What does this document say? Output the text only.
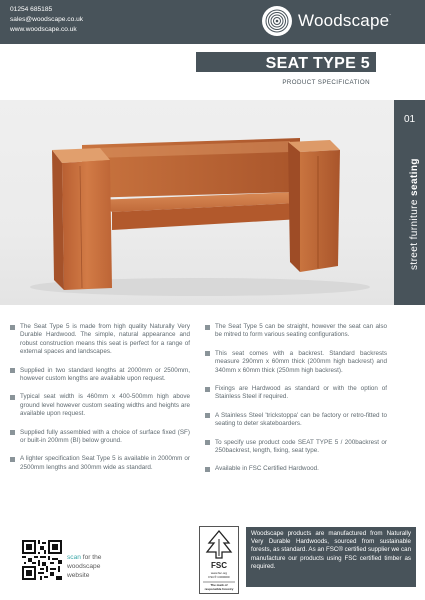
01254 685185
sales@woodscape.co.uk
www.woodscape.co.uk	Woodscape.
SEAT TYPE 5
PRODUCT SPECIFICATION
01
street furniture seating
The Seat Type 5 is made from high quality Naturally Very Durable Hardwood. The simple, natural appearance and robust construction means this seat is perfect for a range of external spaces and landscapes.
Supplied in two standard lengths at 2000mm or 2500mm, however custom lengths are available upon request.
Typical seat width is 460mm x 400-500mm high above ground level however custom seating widths and heights are available upon request.
Supplied fully assembled with a choice of surface fixed (SF) or built-in 200mm (BI) below ground.
A lighter specification Seat Type 5 is available in 2000mm or 2500mm lengths and 300mm wide as standard.
The Seat Type 5 can be straight, however the seat can also be mitred to form various seating configurations.
This seat comes with a backrest. Standard backrests measure 290mm x 60mm thick (200mm high backrest) and 340mm x 60mm thick (250mm high backrest).
Fixings are Hardwood as standard or with the option of Stainless Steel if required.
A Stainless Steel 'trickstoppa' can be factory or retro-fitted to seating to deter skateboarders.
To specify use product code SEAT TYPE 5 / 200backrest or 250backrest, length, fixing, seat type.
Available in FSC Certified Hardwood.
scan for the
woodscape
website
FSC
www.fsc.org
FSC® C000000
The mark of
responsible forestry
Woodscape products are manufactured from Naturally Very Durable Hardwoods, sourced from sustainable forests, as standard. As an FSC® certified supplier we can manufacture our products using FSC certified timber as required.
